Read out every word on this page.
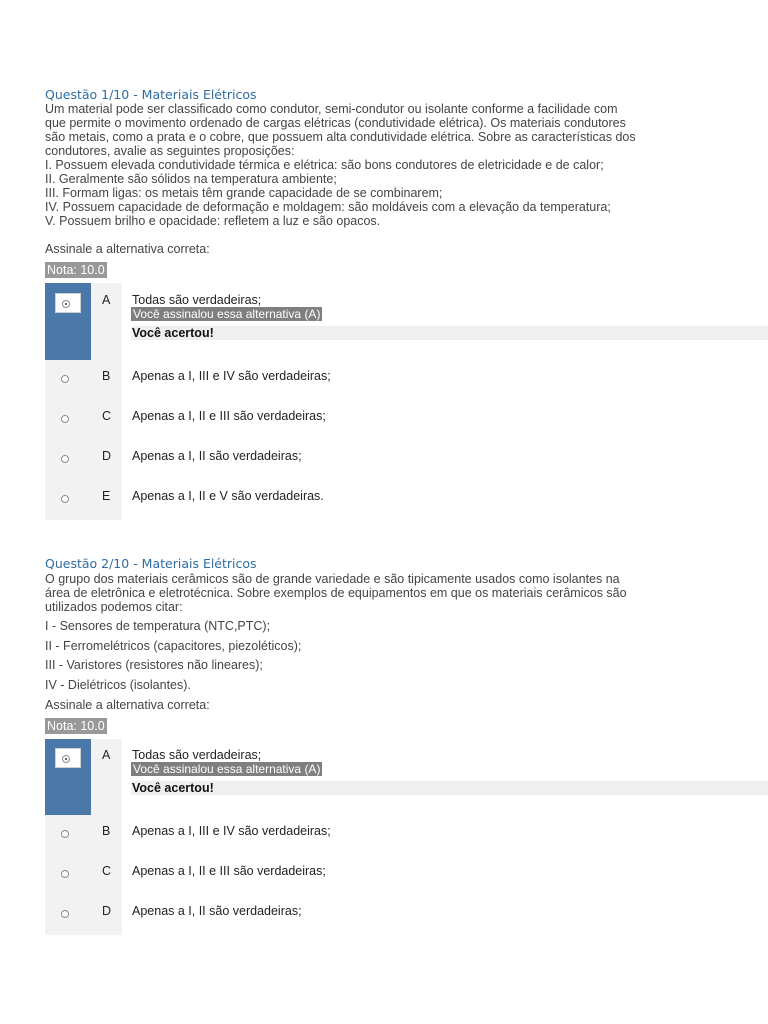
Questão 1/10 - Materiais Elétricos
Um material pode ser classificado como condutor, semi-condutor ou isolante conforme a facilidade com
que permite o movimento ordenado de cargas elétricas (condutividade elétrica). Os materiais condutores
são metais, como a prata e o cobre, que possuem alta condutividade elétrica. Sobre as características dos
condutores, avalie as seguintes proposições:
I. Possuem elevada condutividade térmica e elétrica: são bons condutores de eletricidade e de calor;
II. Geralmente são sólidos na temperatura ambiente;
III. Formam ligas: os metais têm grande capacidade de se combinarem;
IV. Possuem capacidade de deformação e moldagem: são moldáveis com a elevação da temperatura;
V. Possuem brilho e opacidade: refletem a luz e são opacos.
Assinale a alternativa correta:
Nota: 10.0
A Todas são verdadeiras;
Você assinalou essa alternativa (A)
Você acertou!
B Apenas a I, III e IV são verdadeiras;
C Apenas a I, II e III são verdadeiras;
D Apenas a I, II são verdadeiras;
E Apenas a I, II e V são verdadeiras.
Questão 2/10 - Materiais Elétricos
O grupo dos materiais cerâmicos são de grande variedade e são tipicamente usados como isolantes na
área de eletrônica e eletrotécnica. Sobre exemplos de equipamentos em que os materiais cerâmicos são
utilizados podemos citar:
I - Sensores de temperatura (NTC,PTC);
II - Ferromelétricos (capacitores, piezoléticos);
III - Varistores (resistores não lineares);
IV - Dielétricos (isolantes).
Assinale a alternativa correta:
Nota: 10.0
A Todas são verdadeiras;
Você assinalou essa alternativa (A)
Você acertou!
B Apenas a I, III e IV são verdadeiras;
C Apenas a I, II e III são verdadeiras;
D Apenas a I, II são verdadeiras;
